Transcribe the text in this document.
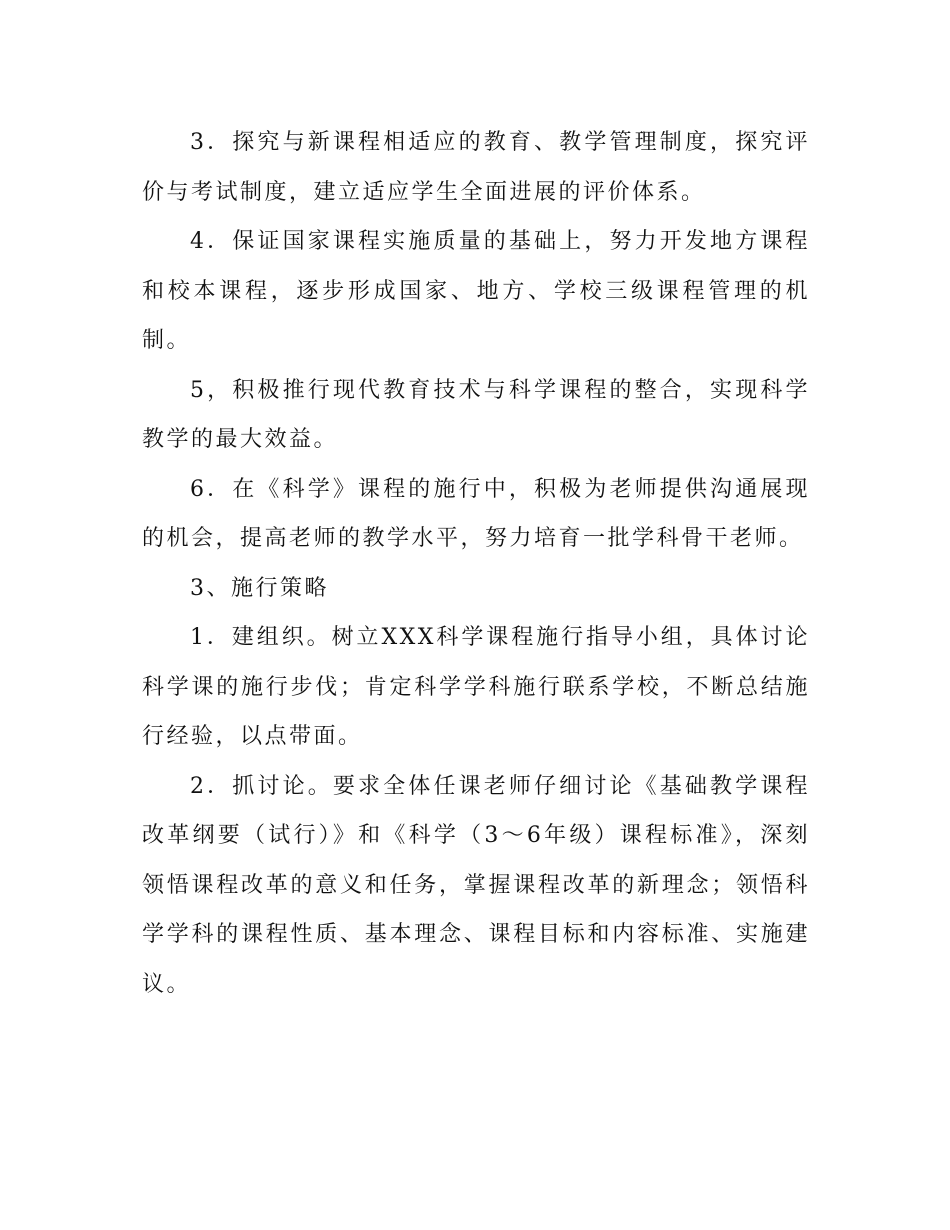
3．探究与新课程相适应的教育、教学管理制度，探究评价与考试制度，建立适应学生全面进展的评价体系。

4．保证国家课程实施质量的基础上，努力开发地方课程和校本课程，逐步形成国家、地方、学校三级课程管理的机制。

5，积极推行现代教育技术与科学课程的整合，实现科学教学的最大效益。

6．在《科学》课程的施行中，积极为老师提供沟通展现的机会，提高老师的教学水平，努力培育一批学科骨干老师。

3、施行策略

1．建组织。树立XXX科学课程施行指导小组，具体讨论科学课的施行步伐；肯定科学学科施行联系学校，不断总结施行经验，以点带面。

2．抓讨论。要求全体任课老师仔细讨论《基础教学课程改革纲要（试行）》和《科学（3～6年级）课程标准》，深刻领悟课程改革的意义和任务，掌握课程改革的新理念；领悟科学学科的课程性质、基本理念、课程目标和内容标准、实施建议。
